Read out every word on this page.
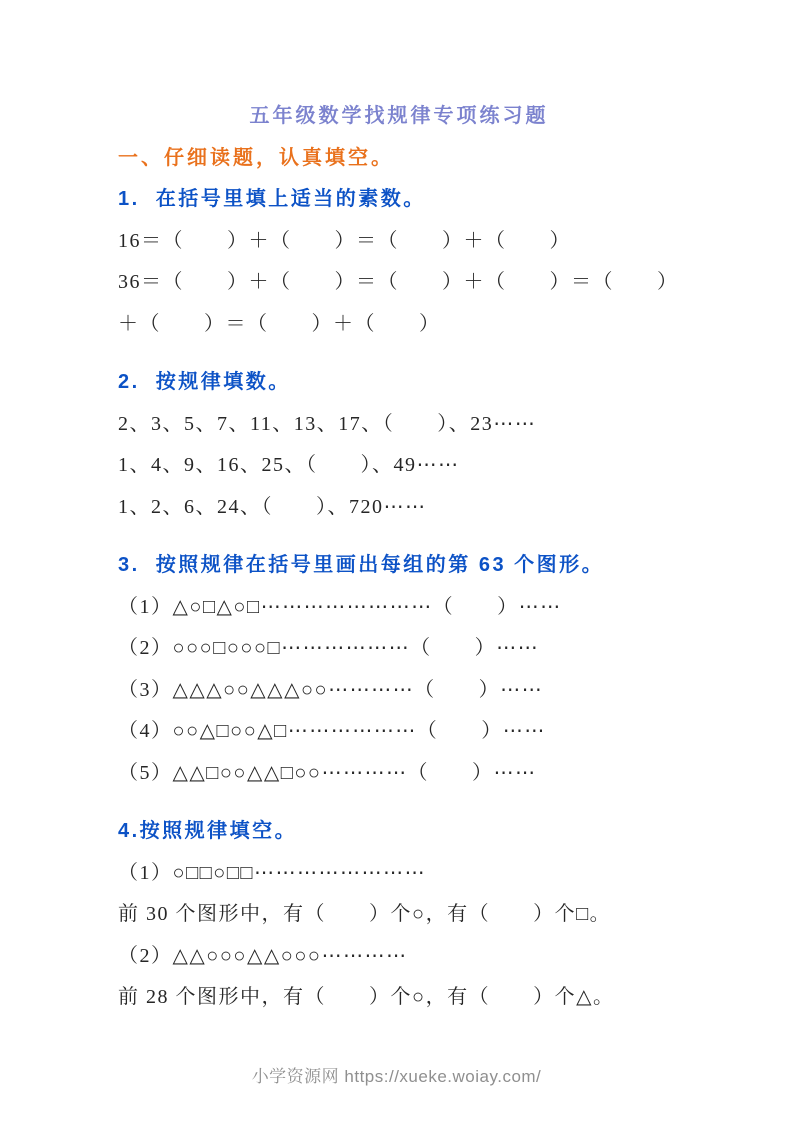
五年级数学找规律专项练习题

一、仔细读题，认真填空。

1.  在括号里填上适当的素数。

16＝（　　）＋（　　）＝（　　）＋（　　）

36＝（　　）＋（　　）＝（　　）＋（　　）＝（　　）

＋（　　）＝（　　）＋（　　）

2.  按规律填数。

2、3、5、7、11、13、17、（　　）、23⋯⋯

1、4、9、16、25、（　　）、49⋯⋯

1、2、6、24、（　　）、720⋯⋯

3.  按照规律在括号里画出每组的第 63 个图形。

（1）△○□△○□⋯⋯⋯⋯⋯⋯⋯⋯（　　）⋯⋯

（2）○○○□○○○□⋯⋯⋯⋯⋯⋯（　　）⋯⋯

（3）△△△○○△△△○○⋯⋯⋯⋯（　　）⋯⋯

（4）○○△□○○△□⋯⋯⋯⋯⋯⋯（　　）⋯⋯

（5）△△□○○△△□○○⋯⋯⋯⋯（　　）⋯⋯

4.按照规律填空。

（1）○□□○□□⋯⋯⋯⋯⋯⋯⋯⋯

前 30 个图形中，有（　　）个○，有（　　）个□。

（2）△△○○○△△○○○⋯⋯⋯⋯

前 28 个图形中，有（　　）个○，有（　　）个△。

小学资源网 https://xueke.woiay.com/
